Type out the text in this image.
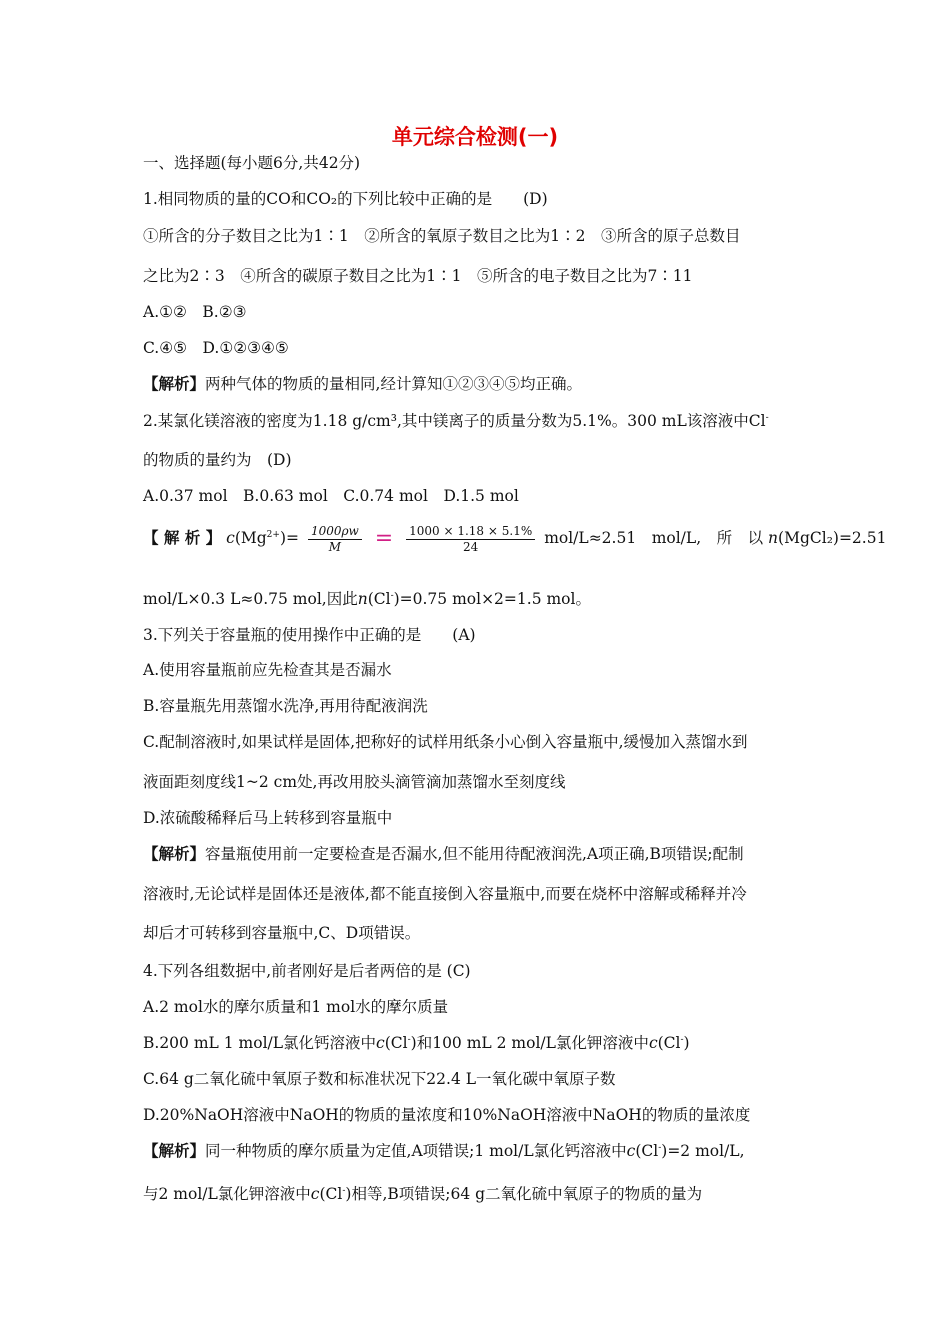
单元综合检测(一)
一、选择题(每小题6分,共42分)
1.相同物质的量的CO和CO₂的下列比较中正确的是　　(D)
①所含的分子数目之比为1∶1　②所含的氧原子数目之比为1∶2　③所含的原子总数目
之比为2∶3　④所含的碳原子数目之比为1∶1　⑤所含的电子数目之比为7∶11
A.①②　B.②③
C.④⑤　D.①②③④⑤
【解析】两种气体的物质的量相同,经计算知①②③④⑤均正确。
2.某氯化镁溶液的密度为1.18 g/cm³,其中镁离子的质量分数为5.1%。300 mL该溶液中Cl-
的物质的量约为　(D)
A.0.37 mol　B.0.63 mol　C.0.74 mol　D.1.5 mol
【 解 析 】 $c(Mg^{2+})= \frac{1000\rho w}{M} = \frac{1000 \times 1.18 \times 5.1\%}{24} mol/L\approx 2.51$　mol/L,　所　以 n(MgCl₂)=2.51
mol/L×0.3 L≈0.75 mol,因此n(Cl-)=0.75 mol×2=1.5 mol。
3.下列关于容量瓶的使用操作中正确的是　　(A)
A.使用容量瓶前应先检查其是否漏水
B.容量瓶先用蒸馏水洗净,再用待配液润洗
C.配制溶液时,如果试样是固体,把称好的试样用纸条小心倒入容量瓶中,缓慢加入蒸馏水到
液面距刻度线1~2 cm处,再改用胶头滴管滴加蒸馏水至刻度线
D.浓硫酸稀释后马上转移到容量瓶中
【解析】容量瓶使用前一定要检查是否漏水,但不能用待配液润洗,A项正确,B项错误;配制
溶液时,无论试样是固体还是液体,都不能直接倒入容量瓶中,而要在烧杯中溶解或稀释并冷
却后才可转移到容量瓶中,C、D项错误。
4.下列各组数据中,前者刚好是后者两倍的是 (C)
A.2 mol水的摩尔质量和1 mol水的摩尔质量
B.200 mL 1 mol/L氯化钙溶液中c(Cl-)和100 mL 2 mol/L氯化钾溶液中c(Cl-)
C.64 g二氧化硫中氧原子数和标准状况下22.4 L一氧化碳中氧原子数
D.20%NaOH溶液中NaOH的物质的量浓度和10%NaOH溶液中NaOH的物质的量浓度
【解析】同一种物质的摩尔质量为定值,A项错误;1 mol/L氯化钙溶液中c(Cl-)=2 mol/L,
与2 mol/L氯化钾溶液中c(Cl-)相等,B项错误;64 g二氧化硫中氧原子的物质的量为
